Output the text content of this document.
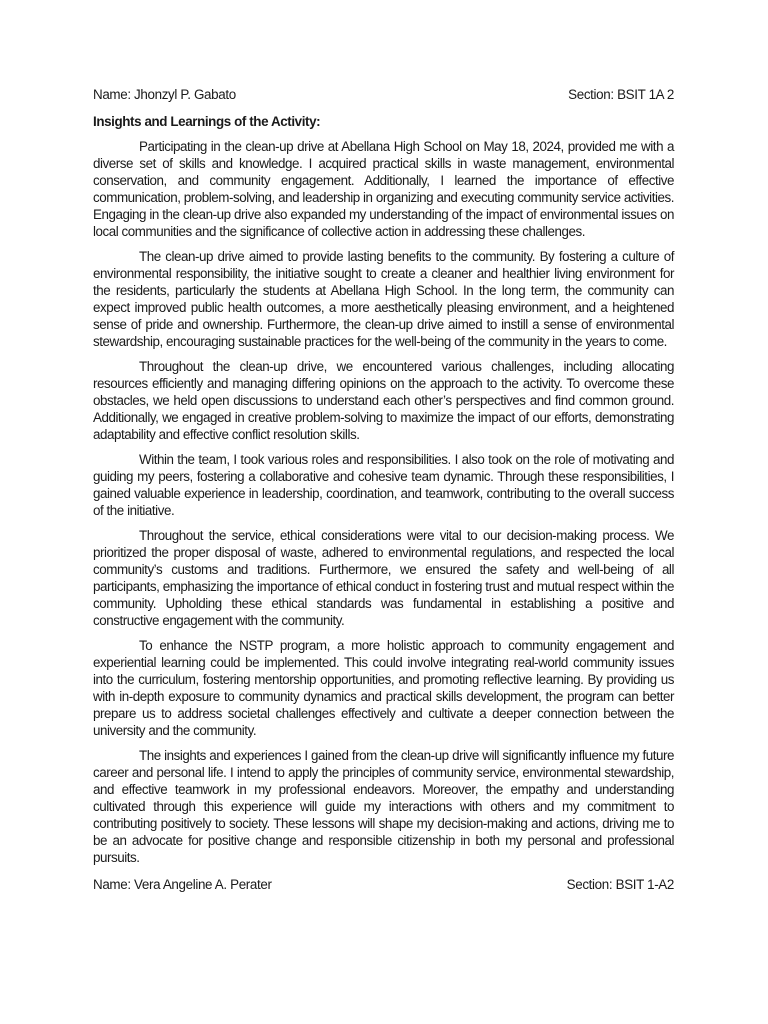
Name: Jhonzyl P. Gabato	Section: BSIT 1A 2
Insights and Learnings of the Activity:

Participating in the clean-up drive at Abellana High School on May 18, 2024, provided me with a diverse set of skills and knowledge. I acquired practical skills in waste management, environmental conservation, and community engagement. Additionally, I learned the importance of effective communication, problem-solving, and leadership in organizing and executing community service activities. Engaging in the clean-up drive also expanded my understanding of the impact of environmental issues on local communities and the significance of collective action in addressing these challenges.

The clean-up drive aimed to provide lasting benefits to the community. By fostering a culture of environmental responsibility, the initiative sought to create a cleaner and healthier living environment for the residents, particularly the students at Abellana High School. In the long term, the community can expect improved public health outcomes, a more aesthetically pleasing environment, and a heightened sense of pride and ownership. Furthermore, the clean-up drive aimed to instill a sense of environmental stewardship, encouraging sustainable practices for the well-being of the community in the years to come.

Throughout the clean-up drive, we encountered various challenges, including allocating resources efficiently and managing differing opinions on the approach to the activity. To overcome these obstacles, we held open discussions to understand each other’s perspectives and find common ground. Additionally, we engaged in creative problem-solving to maximize the impact of our efforts, demonstrating adaptability and effective conflict resolution skills.

Within the team, I took various roles and responsibilities. I also took on the role of motivating and guiding my peers, fostering a collaborative and cohesive team dynamic. Through these responsibilities, I gained valuable experience in leadership, coordination, and teamwork, contributing to the overall success of the initiative.

Throughout the service, ethical considerations were vital to our decision-making process. We prioritized the proper disposal of waste, adhered to environmental regulations, and respected the local community’s customs and traditions. Furthermore, we ensured the safety and well-being of all participants, emphasizing the importance of ethical conduct in fostering trust and mutual respect within the community. Upholding these ethical standards was fundamental in establishing a positive and constructive engagement with the community.

To enhance the NSTP program, a more holistic approach to community engagement and experiential learning could be implemented. This could involve integrating real-world community issues into the curriculum, fostering mentorship opportunities, and promoting reflective learning. By providing us with in-depth exposure to community dynamics and practical skills development, the program can better prepare us to address societal challenges effectively and cultivate a deeper connection between the university and the community.

The insights and experiences I gained from the clean-up drive will significantly influence my future career and personal life. I intend to apply the principles of community service, environmental stewardship, and effective teamwork in my professional endeavors. Moreover, the empathy and understanding cultivated through this experience will guide my interactions with others and my commitment to contributing positively to society. These lessons will shape my decision-making and actions, driving me to be an advocate for positive change and responsible citizenship in both my personal and professional pursuits.

Name: Vera Angeline A. Perater	Section: BSIT 1-A2
